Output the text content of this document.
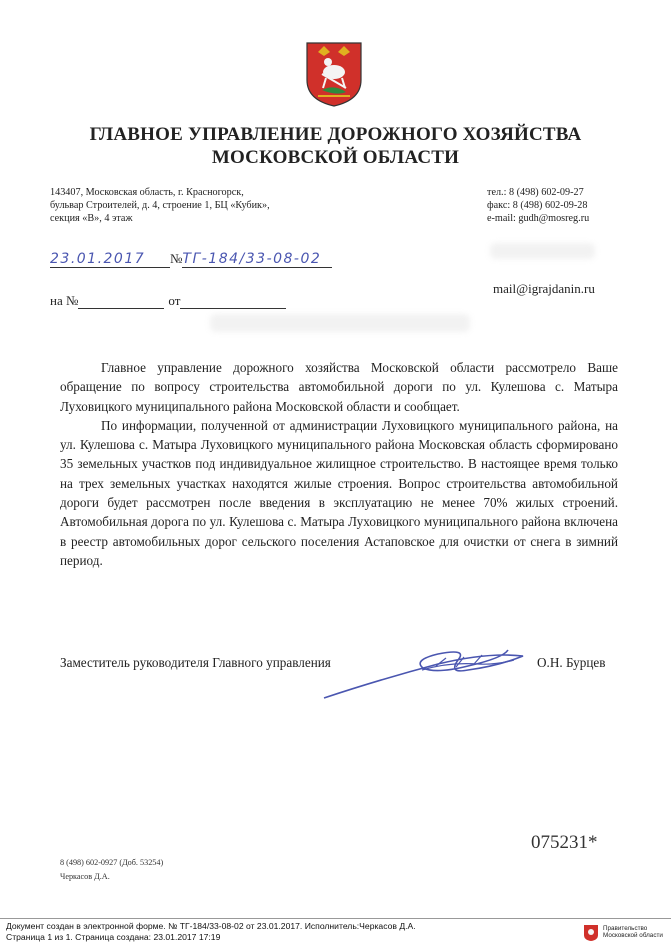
ГЛАВНОЕ УПРАВЛЕНИЕ ДОРОЖНОГО ХОЗЯЙСТВА
МОСКОВСКОЙ ОБЛАСТИ
143407, Московская область, г. Красногорск,
бульвар Строителей, д. 4, строение 1, БЦ «Кубик»,
секция «В», 4 этаж
тел.: 8 (498) 602-09-27
факс: 8 (498) 602-09-28
e-mail: gudh@mosreg.ru
23.01.2017 №ТГ-184/33-08-02
mail@igrajdanin.ru
на №	от

Главное управление дорожного хозяйства Московской области рассмотрело Ваше обращение по вопросу строительства автомобильной дороги по ул. Кулешова с. Матыра Луховицкого муниципального района Московской области и сообщает.

По информации, полученной от администрации Луховицкого муниципального района, на ул. Кулешова с. Матыра Луховицкого муниципального района Московская область сформировано 35 земельных участков под индивидуальное жилищное строительство. В настоящее время только на трех земельных участках находятся жилые строения. Вопрос строительства автомобильной дороги будет рассмотрен после введения в эксплуатацию не менее 70% жилых строений. Автомобильная дорога по ул. Кулешова с. Матыра Луховицкого муниципального района включена в реестр автомобильных дорог сельского поселения Астаповское для очистки от снега в зимний период.

Заместитель руководителя Главного управления	О.Н. Бурцев
075231*
8 (498) 602-0927 (Доб. 53254)
Черкасов Д.А.
Документ создан в электронной форме. № ТГ-184/33-08-02 от 23.01.2017. Исполнитель:Черкасов Д.А.
Страница 1 из 1. Страница создана: 23.01.2017 17:19
Правительство
Московской области
